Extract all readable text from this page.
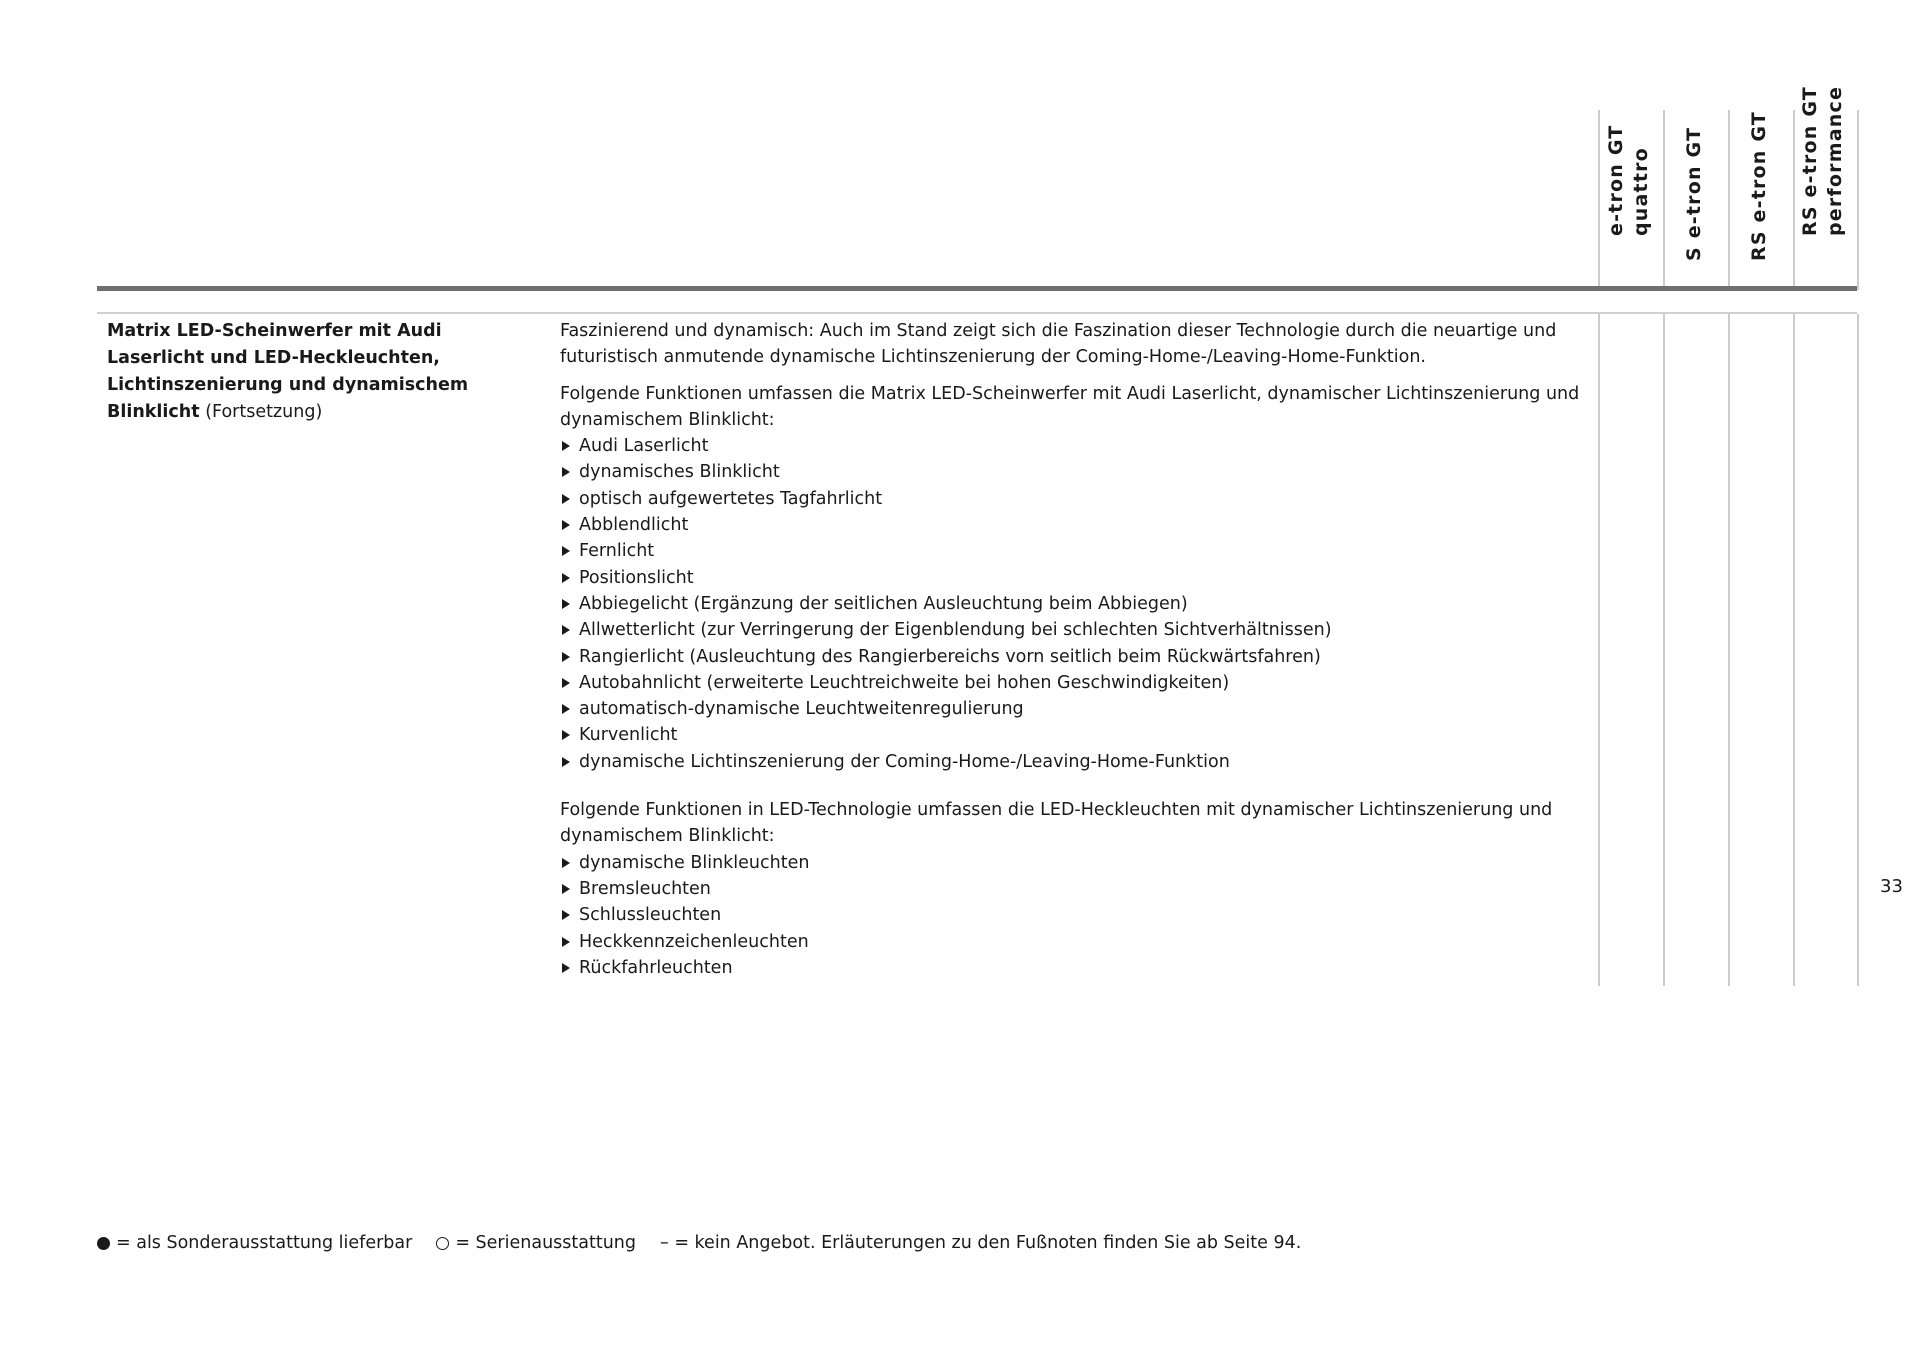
e-tron GT quattro S e-tron GT RS e-tron GT RS e-tron GT performance
Matrix LED-Scheinwerfer mit Audi Laserlicht und LED-Heckleuchten, Lichtinszenierung und dynamischem Blinklicht (Fortsetzung)

Faszinierend und dynamisch: Auch im Stand zeigt sich die Faszination dieser Technologie durch die neuartige und futuristisch anmutende dynamische Lichtinszenierung der Coming-Home-/Leaving-Home-Funktion.

Folgende Funktionen umfassen die Matrix LED-Scheinwerfer mit Audi Laserlicht, dynamischer Lichtinszenierung und dynamischem Blinklicht:

Audi Laserlicht
dynamisches Blinklicht
optisch aufgewertetes Tagfahrlicht
Abblendlicht
Fernlicht
Positionslicht
Abbiegelicht (Ergänzung der seitlichen Ausleuchtung beim Abbiegen)
Allwetterlicht (zur Verringerung der Eigenblendung bei schlechten Sichtverhältnissen)
Rangierlicht (Ausleuchtung des Rangierbereichs vorn seitlich beim Rückwärtsfahren)
Autobahnlicht (erweiterte Leuchtreichweite bei hohen Geschwindigkeiten)
automatisch-dynamische Leuchtweitenregulierung
Kurvenlicht
dynamische Lichtinszenierung der Coming-Home-/Leaving-Home-Funktion

Folgende Funktionen in LED-Technologie umfassen die LED-Heckleuchten mit dynamischer Lichtinszenierung und dynamischem Blinklicht:

dynamische Blinkleuchten
Bremsleuchten
Schlussleuchten
Heckkennzeichenleuchten
Rückfahrleuchten
33
= als Sonderausstattung lieferbar = Serienausstattung – = kein Angebot. Erläuterungen zu den Fußnoten finden Sie ab Seite 94.
